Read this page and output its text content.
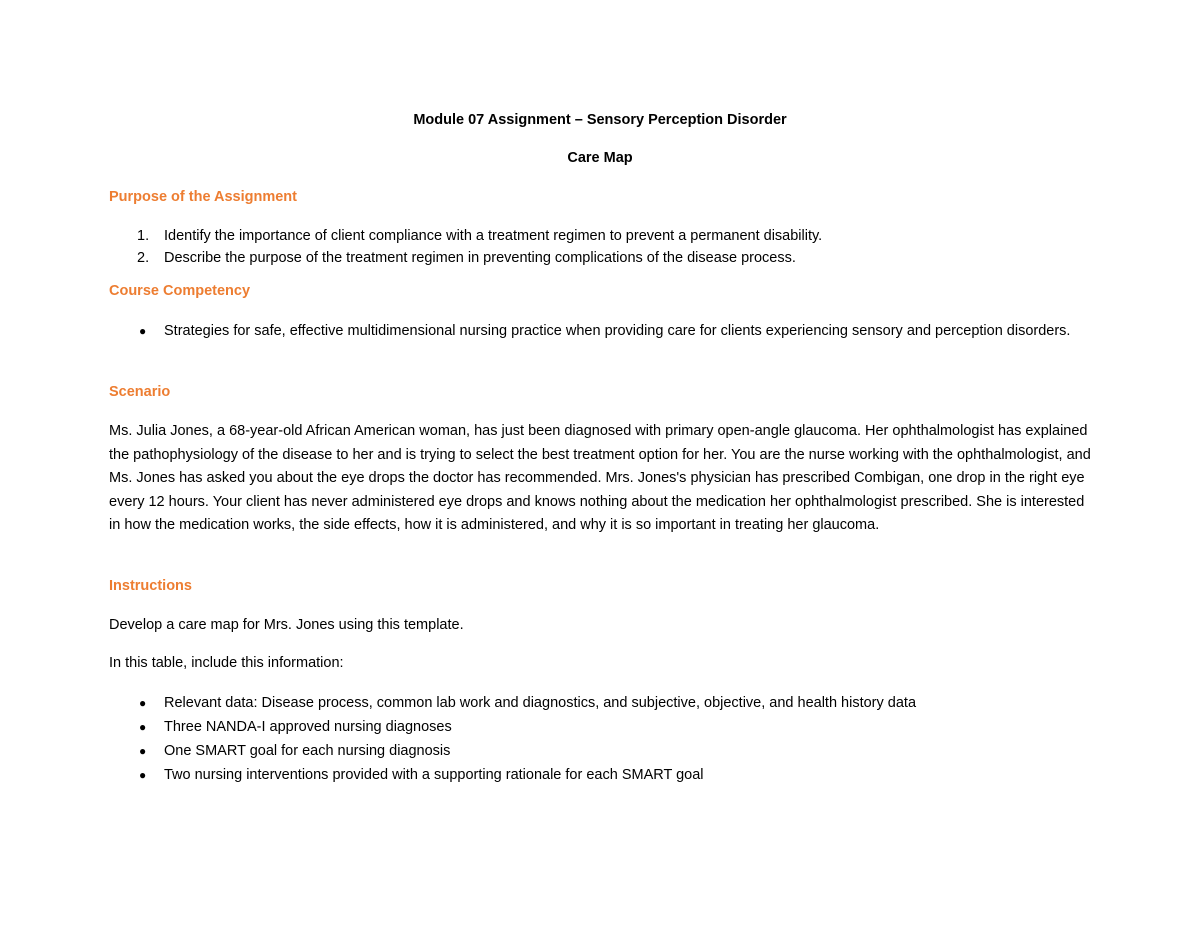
Module 07 Assignment – Sensory Perception Disorder

Care Map

Purpose of the Assignment

1. Identify the importance of client compliance with a treatment regimen to prevent a permanent disability.
2. Describe the purpose of the treatment regimen in preventing complications of the disease process.

Course Competency

● Strategies for safe, effective multidimensional nursing practice when providing care for clients experiencing sensory and perception disorders.

Scenario

Ms. Julia Jones, a 68-year-old African American woman, has just been diagnosed with primary open-angle glaucoma. Her ophthalmologist has explained the pathophysiology of the disease to her and is trying to select the best treatment option for her. You are the nurse working with the ophthalmologist, and Ms. Jones has asked you about the eye drops the doctor has recommended. Mrs. Jones's physician has prescribed Combigan, one drop in the right eye every 12 hours. Your client has never administered eye drops and knows nothing about the medication her ophthalmologist prescribed. She is interested in how the medication works, the side effects, how it is administered, and why it is so important in treating her glaucoma.

Instructions

Develop a care map for Mrs. Jones using this template.

In this table, include this information:

● Relevant data: Disease process, common lab work and diagnostics, and subjective, objective, and health history data
● Three NANDA-I approved nursing diagnoses
● One SMART goal for each nursing diagnosis
● Two nursing interventions provided with a supporting rationale for each SMART goal
